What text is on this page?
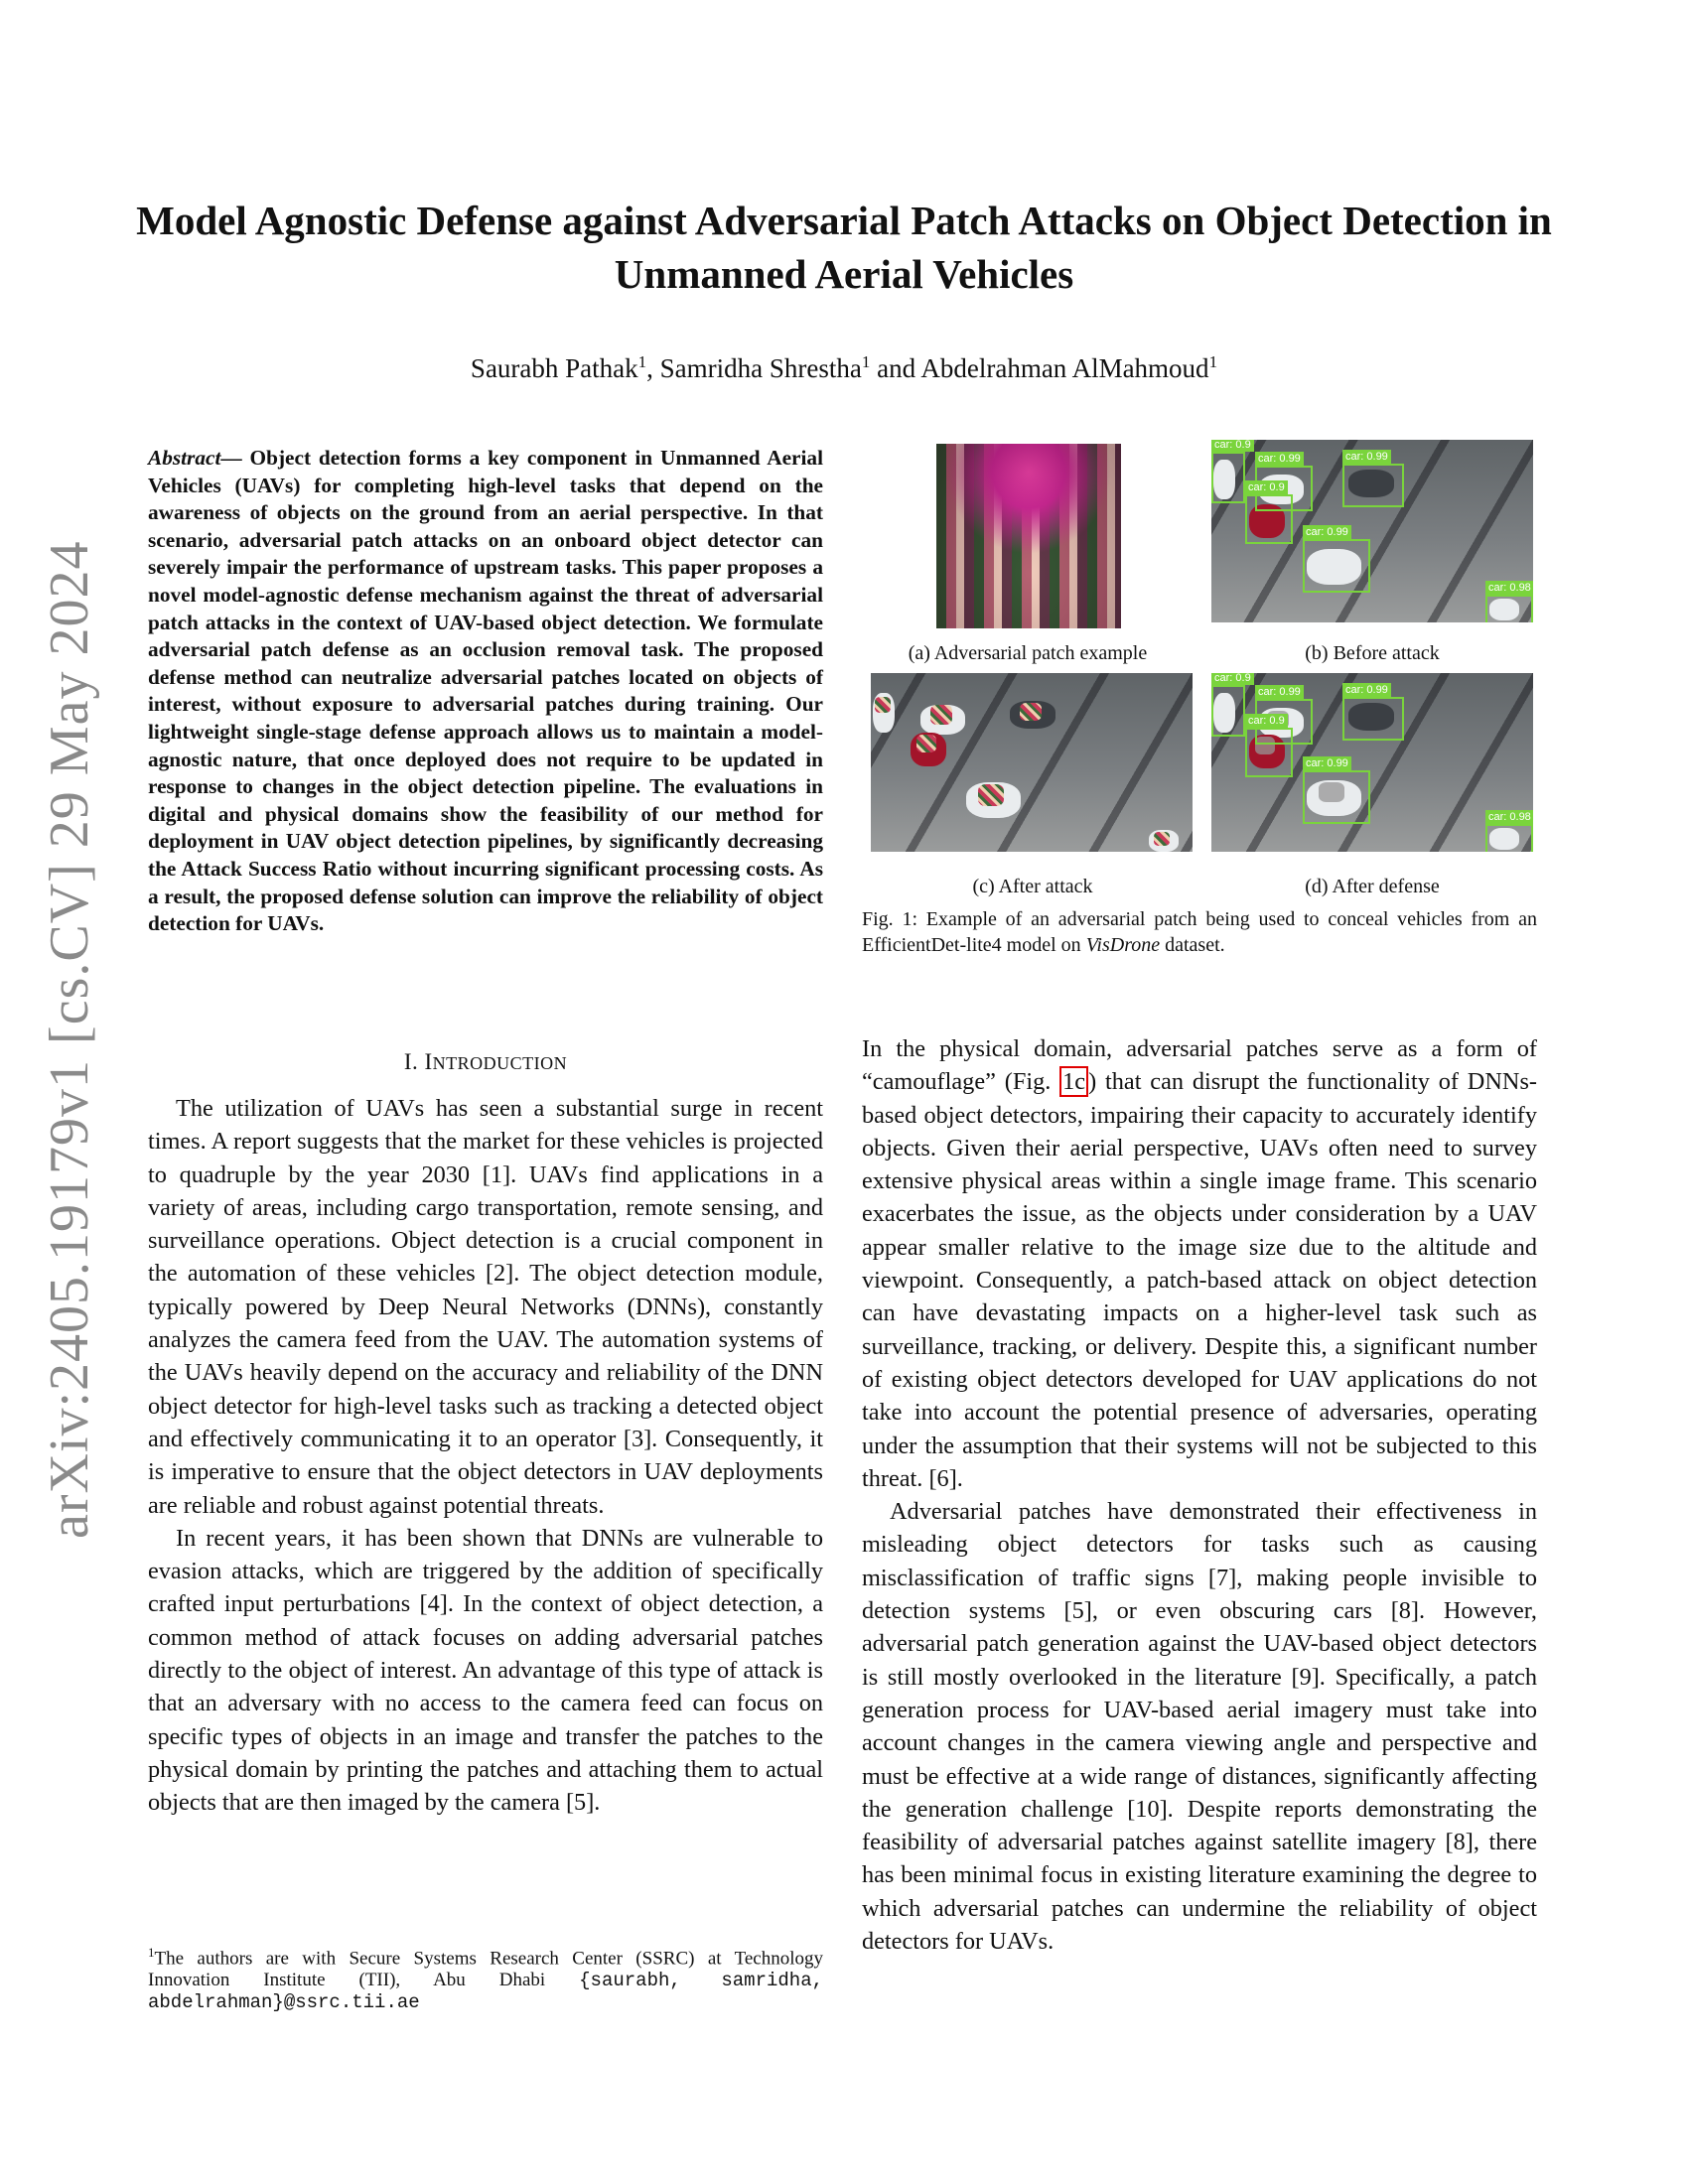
arXiv:2405.19179v1 [cs.CV] 29 May 2024
Model Agnostic Defense against Adversarial Patch Attacks on Object Detection in Unmanned Aerial Vehicles
Saurabh Pathak$^1$, Samridha Shrestha$^1$ and Abdelrahman AlMahmoud$^1$
Abstract— Object detection forms a key component in Unmanned Aerial Vehicles (UAVs) for completing high-level tasks that depend on the awareness of objects on the ground from an aerial perspective. In that scenario, adversarial patch attacks on an onboard object detector can severely impair the performance of upstream tasks. This paper proposes a novel model-agnostic defense mechanism against the threat of adversarial patch attacks in the context of UAV-based object detection. We formulate adversarial patch defense as an occlusion removal task. The proposed defense method can neutralize adversarial patches located on objects of interest, without exposure to adversarial patches during training. Our lightweight single-stage defense approach allows us to maintain a model-agnostic nature, that once deployed does not require to be updated in response to changes in the object detection pipeline. The evaluations in digital and physical domains show the feasibility of our method for deployment in UAV object detection pipelines, by significantly decreasing the Attack Success Ratio without incurring significant processing costs. As a result, the proposed defense solution can improve the reliability of object detection for UAVs.
I. INTRODUCTION

The utilization of UAVs has seen a substantial surge in recent times. A report suggests that the market for these vehicles is projected to quadruple by the year 2030 [1]. UAVs find applications in a variety of areas, including cargo transportation, remote sensing, and surveillance operations. Object detection is a crucial component in the automation of these vehicles [2]. The object detection module, typically powered by Deep Neural Networks (DNNs), constantly analyzes the camera feed from the UAV. The automation systems of the UAVs heavily depend on the accuracy and reliability of the DNN object detector for high-level tasks such as tracking a detected object and effectively communicating it to an operator [3]. Consequently, it is imperative to ensure that the object detectors in UAV deployments are reliable and robust against potential threats.

In recent years, it has been shown that DNNs are vulnerable to evasion attacks, which are triggered by the addition of specifically crafted input perturbations [4]. In the context of object detection, a common method of attack focuses on adding adversarial patches directly to the object of interest. An advantage of this type of attack is that an adversary with no access to the camera feed can focus on specific types of objects in an image and transfer the patches to the physical domain by printing the patches and attaching them to actual objects that are then imaged by the camera [5].

$^1$The authors are with Secure Systems Research Center (SSRC) at Technology Innovation Institute (TII), Abu Dhabi {saurabh, samridha, abdelrahman}@ssrc.tii.ae
car: 0.9
car: 0.99	car: 0.99
car: 0.9
car: 0.99
car: 0.98
(a) Adversarial patch example	(b) Before attack
car: 0.9
car: 0.99	car: 0.99
car: 0.9
car: 0.99
car: 0.98
(c) After attack	(d) After defense
Fig. 1: Example of an adversarial patch being used to conceal vehicles from an EfficientDet-lite4 model on VisDrone dataset.

In the physical domain, adversarial patches serve as a form of “camouflage” (Fig. 1c ) that can disrupt the functionality of DNNs-based object detectors, impairing their capacity to accurately identify objects. Given their aerial perspective, UAVs often need to survey extensive physical areas within a single image frame. This scenario exacerbates the issue, as the objects under consideration by a UAV appear smaller relative to the image size due to the altitude and viewpoint. Consequently, a patch-based attack on object detection can have devastating impacts on a higher-level task such as surveillance, tracking, or delivery. Despite this, a significant number of existing object detectors developed for UAV applications do not take into account the potential presence of adversaries, operating under the assumption that their systems will not be subjected to this threat. [6].

Adversarial patches have demonstrated their effectiveness in misleading object detectors for tasks such as causing misclassification of traffic signs [7], making people invisible to detection systems [5], or even obscuring cars [8]. However, adversarial patch generation against the UAV-based object detectors is still mostly overlooked in the literature [9]. Specifically, a patch generation process for UAV-based aerial imagery must take into account changes in the camera viewing angle and perspective and must be effective at a wide range of distances, significantly affecting the generation challenge [10]. Despite reports demonstrating the feasibility of adversarial patches against satellite imagery [8], there has been minimal focus in existing literature examining the degree to which adversarial patches can undermine the reliability of object detectors for UAVs.
